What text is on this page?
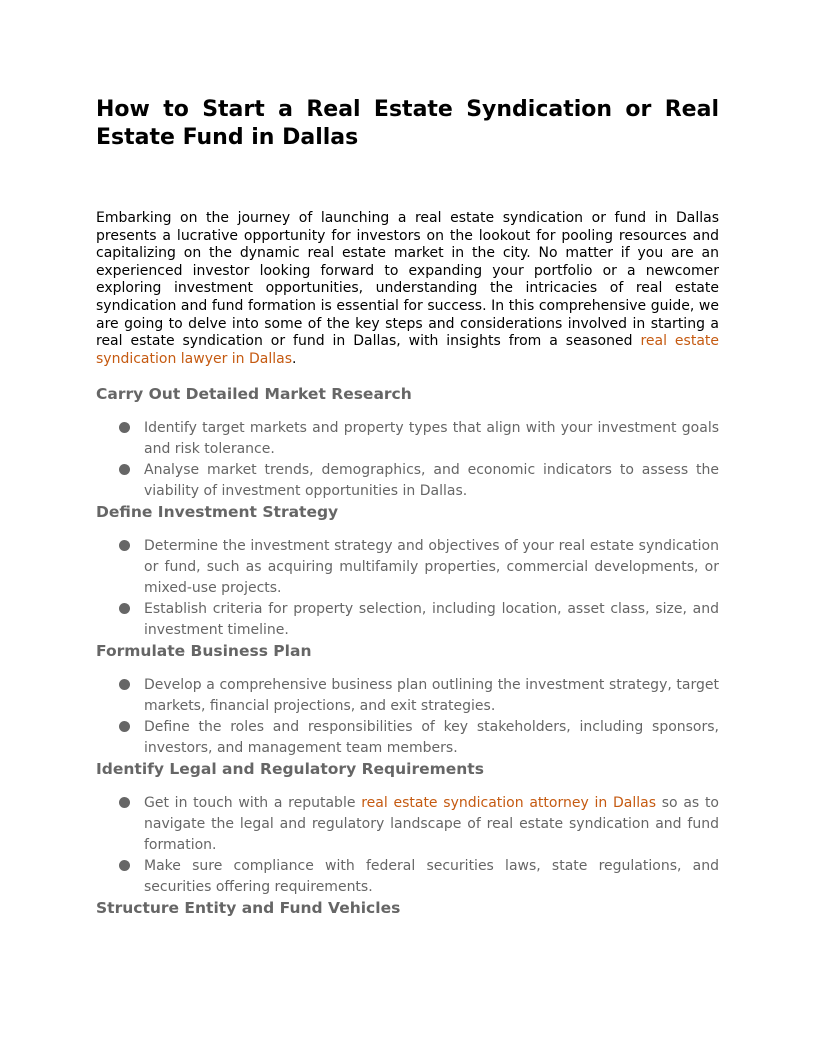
How to Start a Real Estate Syndication or Real Estate Fund in Dallas

Embarking on the journey of launching a real estate syndication or fund in Dallas presents a lucrative opportunity for investors on the lookout for pooling resources and capitalizing on the dynamic real estate market in the city. No matter if you are an experienced investor looking forward to expanding your portfolio or a newcomer exploring investment opportunities, understanding the intricacies of real estate syndication and fund formation is essential for success. In this comprehensive guide, we are going to delve into some of the key steps and considerations involved in starting a real estate syndication or fund in Dallas, with insights from a seasoned real estate syndication lawyer in Dallas.

Carry Out Detailed Market Research
Identify target markets and property types that align with your investment goals and risk tolerance.
Analyse market trends, demographics, and economic indicators to assess the viability of investment opportunities in Dallas.
Define Investment Strategy
Determine the investment strategy and objectives of your real estate syndication or fund, such as acquiring multifamily properties, commercial developments, or mixed-use projects.
Establish criteria for property selection, including location, asset class, size, and investment timeline.
Formulate Business Plan
Develop a comprehensive business plan outlining the investment strategy, target markets, financial projections, and exit strategies.
Define the roles and responsibilities of key stakeholders, including sponsors, investors, and management team members.
Identify Legal and Regulatory Requirements
Get in touch with a reputable real estate syndication attorney in Dallas so as to navigate the legal and regulatory landscape of real estate syndication and fund formation.
Make sure compliance with federal securities laws, state regulations, and securities offering requirements.
Structure Entity and Fund Vehicles
